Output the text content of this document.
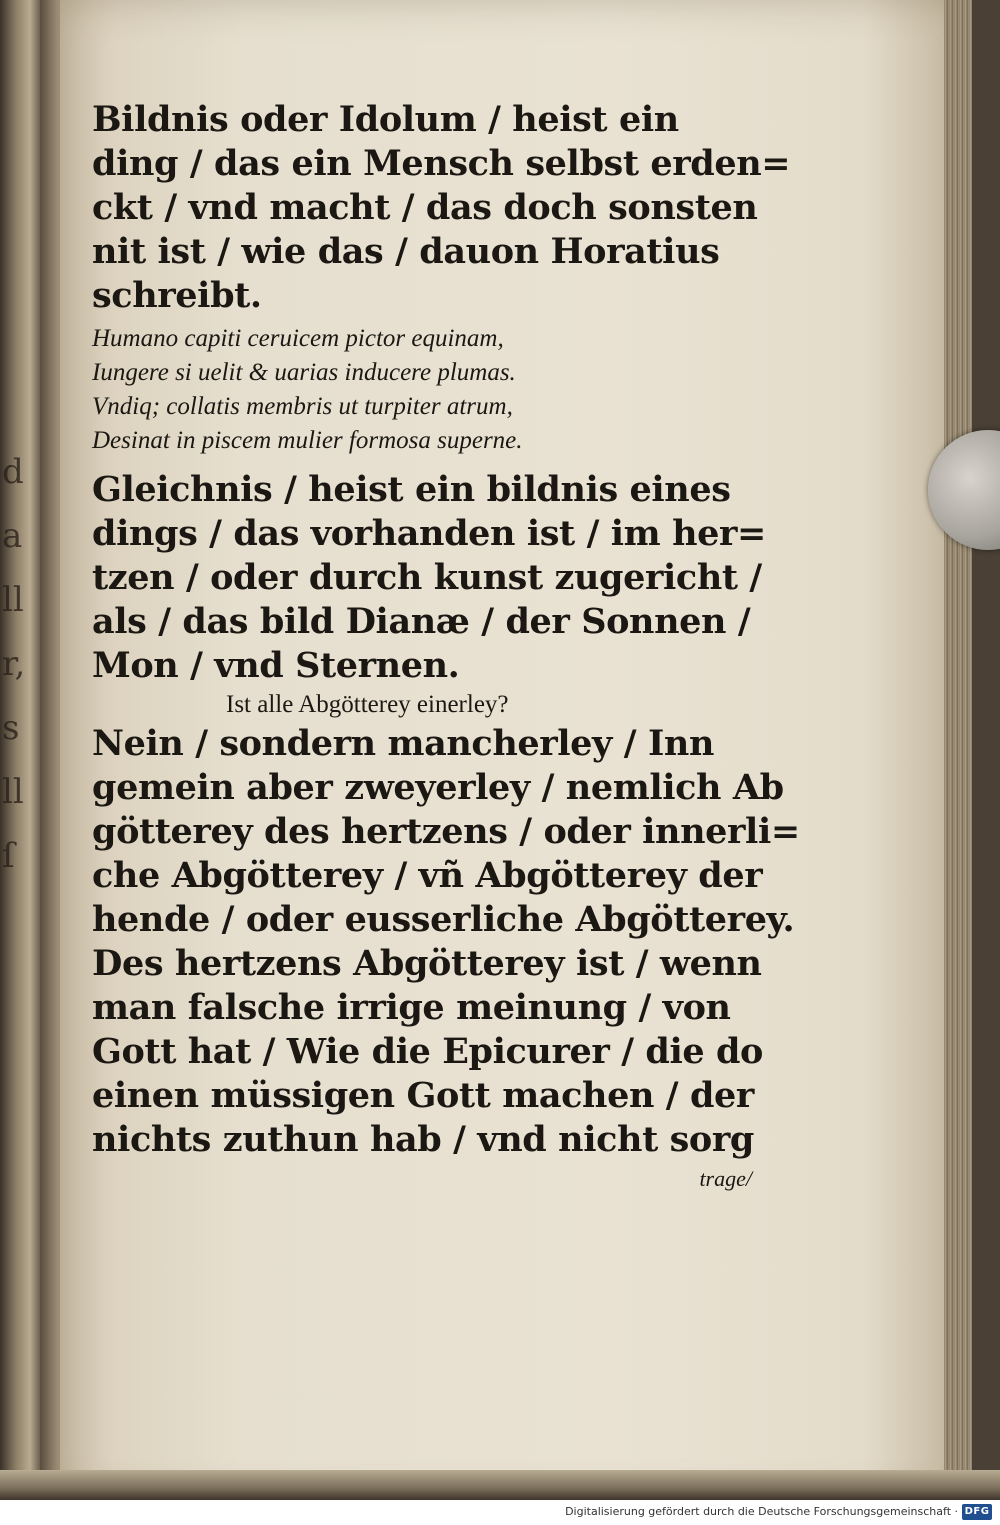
d
a
ll
r,
s
ll
ſ
Bildnis oder Idolum / heist ein
ding / das ein Mensch selbst erden=
ckt / vnd macht / das doch sonsten
nit ist / wie das / dauon Horatius
schreibt.
Humano capiti ceruicem pictor equinam,
Iungere si uelit & uarias inducere plumas.
Vndiq; collatis membris ut turpiter atrum,
Desinat in piscem mulier formosa superne.
Gleichnis / heist ein bildnis eines
dings / das vorhanden ist / im her=
tzen / oder durch kunst zugericht /
als / das bild Dianæ / der Sonnen /
Mon / vnd Sternen.
Ist alle Abgötterey einerley?
Nein / sondern mancherley / Inn
gemein aber zweyerley / nemlich Ab
götterey des hertzens / oder innerli=
che Abgötterey / vñ Abgötterey der
hende / oder eusserliche Abgötterey.
Des hertzens Abgötterey ist / wenn
man falsche irrige meinung / von
Gott hat / Wie die Epicurer / die do
einen müssigen Gott machen / der
nichts zuthun hab / vnd nicht sorg
trage/
Digitalisierung gefördert durch die Deutsche Forschungsgemeinschaft · DFG
